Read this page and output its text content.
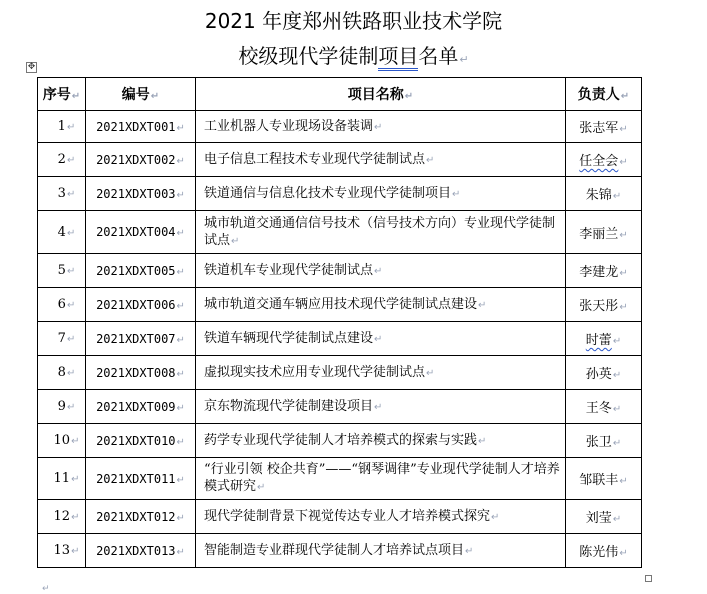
2021 年度郑州铁路职业技术学院
校级现代学徒制项目名单↵
✥
序号↵	编号↵	项目名称↵	负责人↵
1↵	2021XDXT001↵	工业机器人专业现场设备装调↵	张志军↵
2↵	2021XDXT002↵	电子信息工程技术专业现代学徒制试点↵	任全会↵
3↵	2021XDXT003↵	铁道通信与信息化技术专业现代学徒制项目↵	朱锦↵
4↵	2021XDXT004↵	城市轨道交通通信信号技术（信号技术方向）专业现代学徒制试点↵	李丽兰↵
5↵	2021XDXT005↵	铁道机车专业现代学徒制试点↵	李建龙↵
6↵	2021XDXT006↵	城市轨道交通车辆应用技术现代学徒制试点建设↵	张天彤↵
7↵	2021XDXT007↵	铁道车辆现代学徒制试点建设↵	时蕾↵
8↵	2021XDXT008↵	虚拟现实技术应用专业现代学徒制试点↵	孙英↵
9↵	2021XDXT009↵	京东物流现代学徒制建设项目↵	王冬↵
10↵	2021XDXT010↵	药学专业现代学徒制人才培养模式的探索与实践↵	张卫↵
11↵	2021XDXT011↵	“行业引领 校企共育”——“钢琴调律”专业现代学徒制人才培养模式研究↵	邹联丰↵
12↵	2021XDXT012↵	现代学徒制背景下视觉传达专业人才培养模式探究↵	刘莹↵
13↵	2021XDXT013↵	智能制造专业群现代学徒制人才培养试点项目↵	陈光伟↵
↵
